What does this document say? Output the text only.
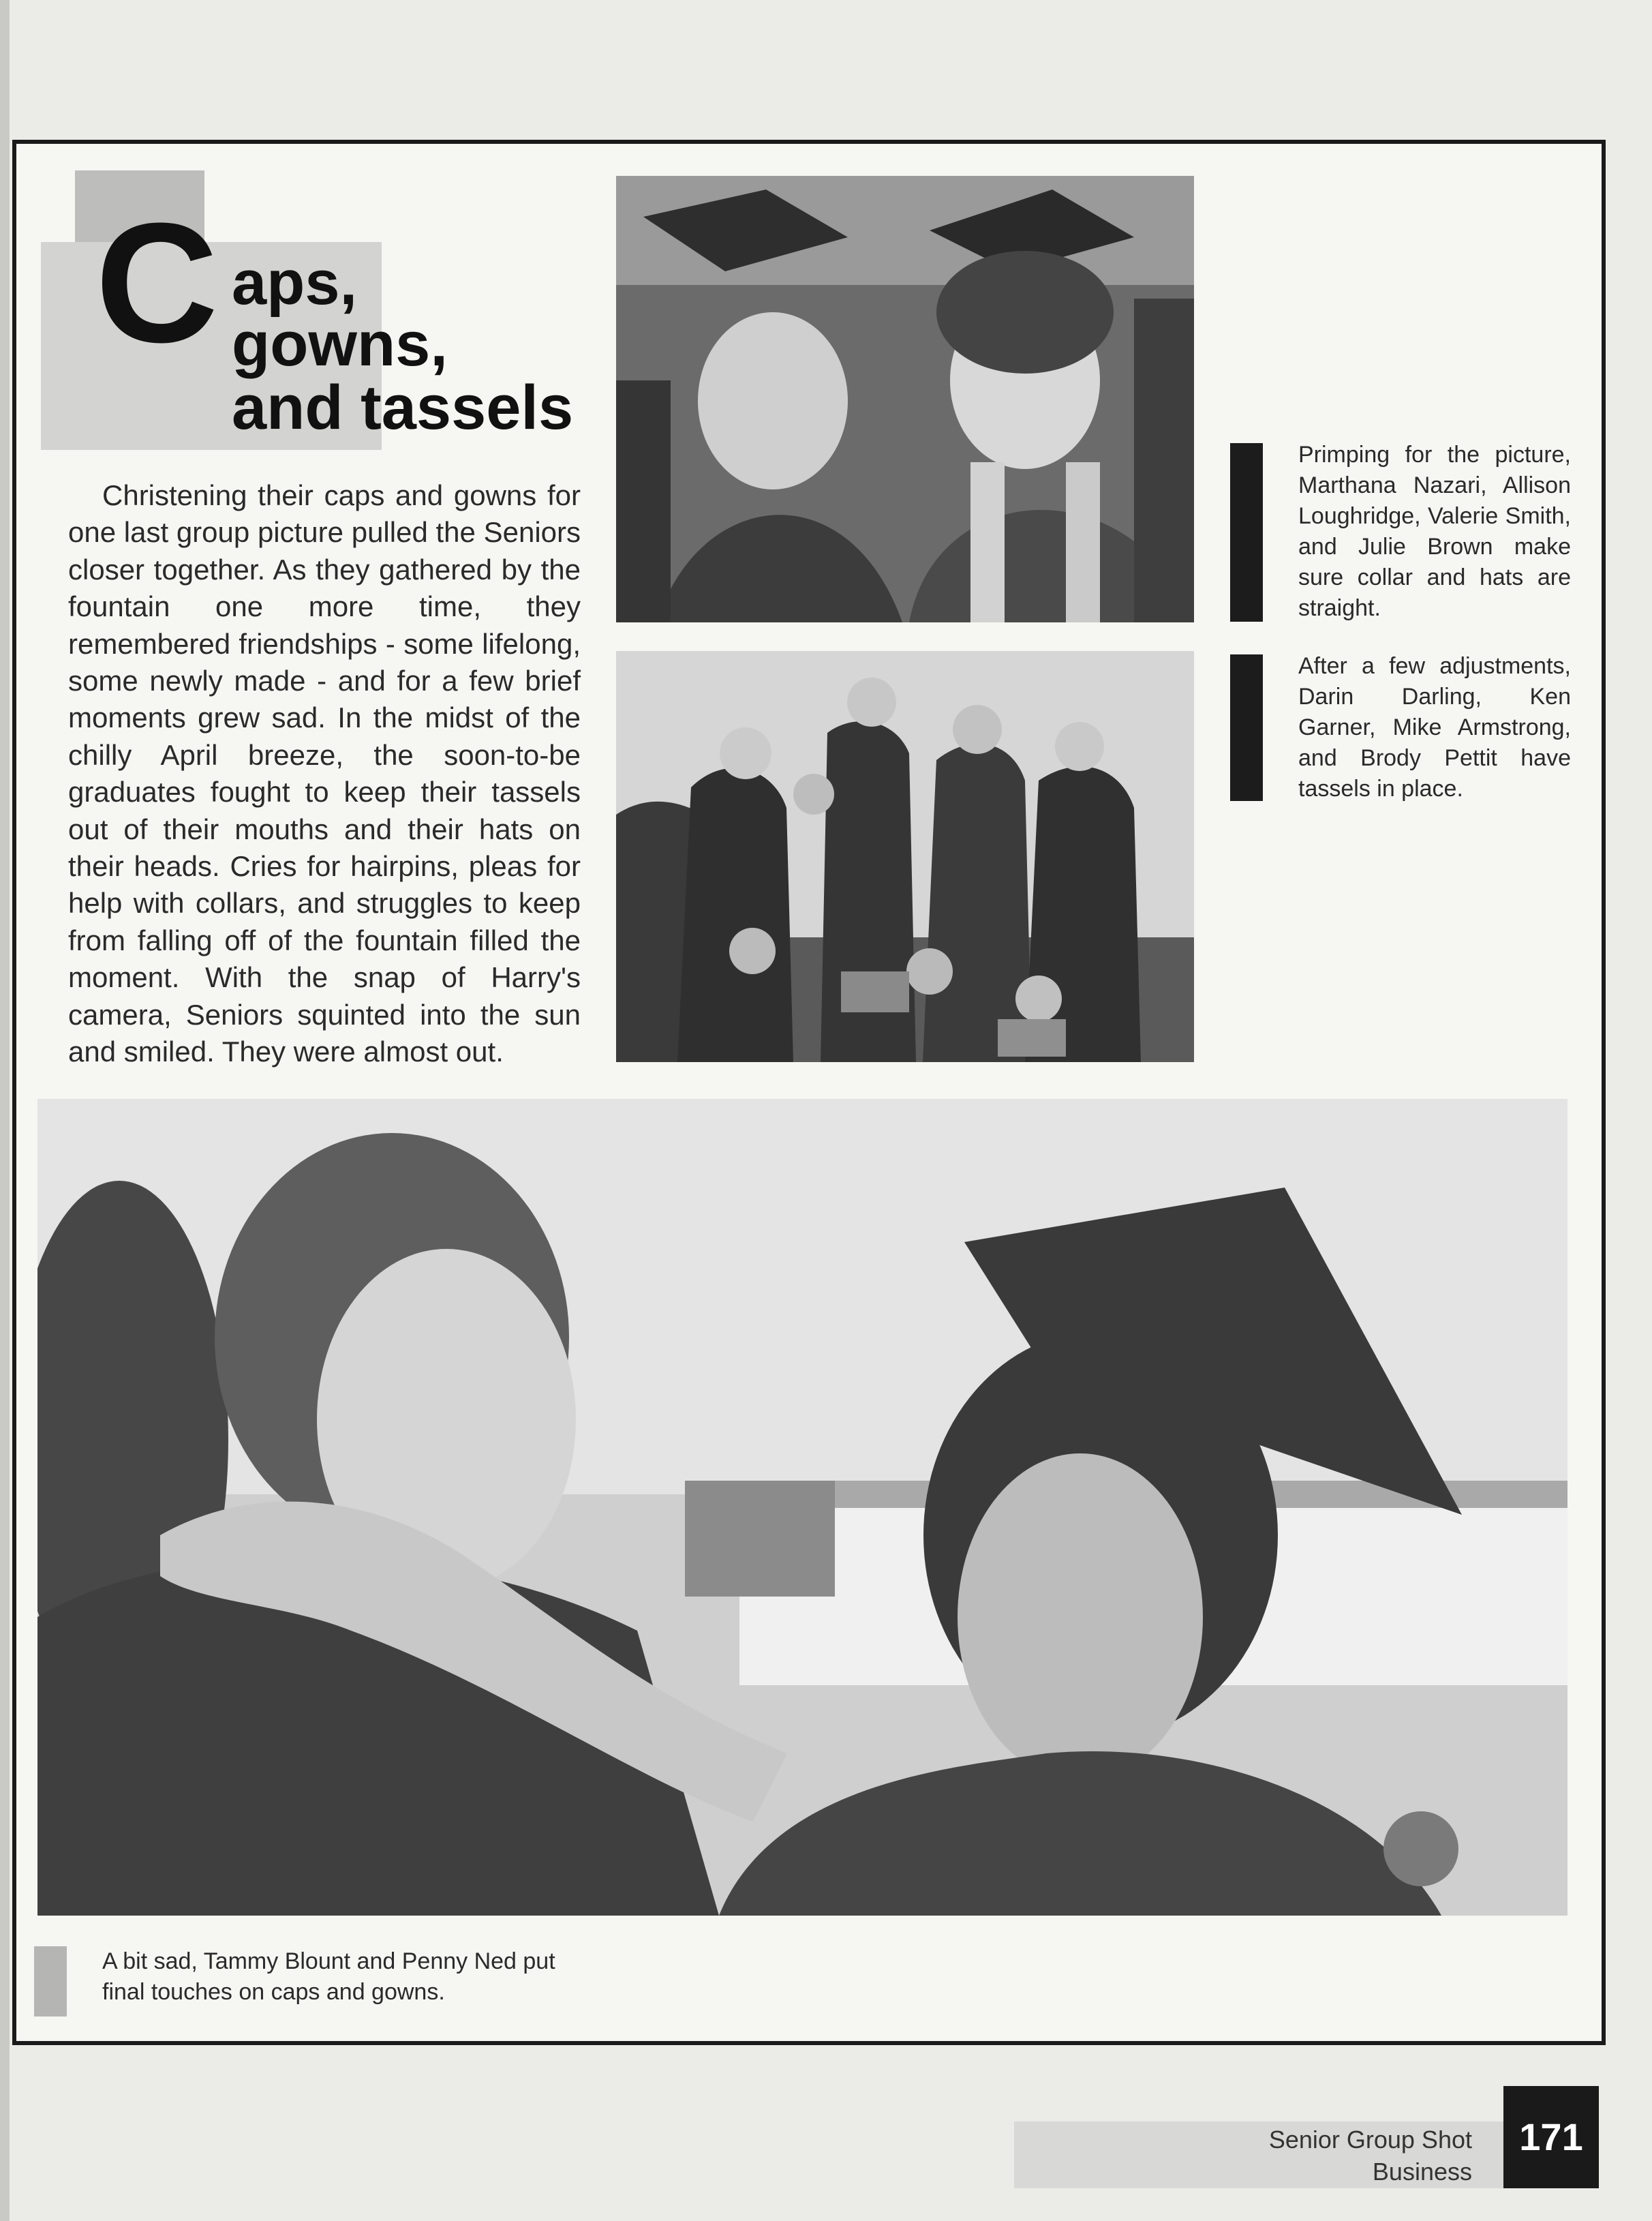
C aps,
gowns,
and tassels
Christening their caps and gowns for one last group picture pulled the Seniors closer together. As they gathered by the fountain one more time, they remembered friendships - some lifelong, some newly made - and for a few brief moments grew sad. In the midst of the chilly April breeze, the soon-to-be graduates fought to keep their tassels out of their mouths and their hats on their heads. Cries for hairpins, pleas for help with collars, and struggles to keep from falling off of the fountain filled the moment. With the snap of Harry's camera, Seniors squinted into the sun and smiled. They were almost out.
Primping for the picture, Marthana Nazari, Allison Loughridge, Valerie Smith, and Julie Brown make sure collar and hats are straight.
After a few adjustments, Darin Darling, Ken Garner, Mike Armstrong, and Brody Pettit have tassels in place.
A bit sad, Tammy Blount and Penny Ned put final touches on caps and gowns.
Senior Group Shot
Business
171
